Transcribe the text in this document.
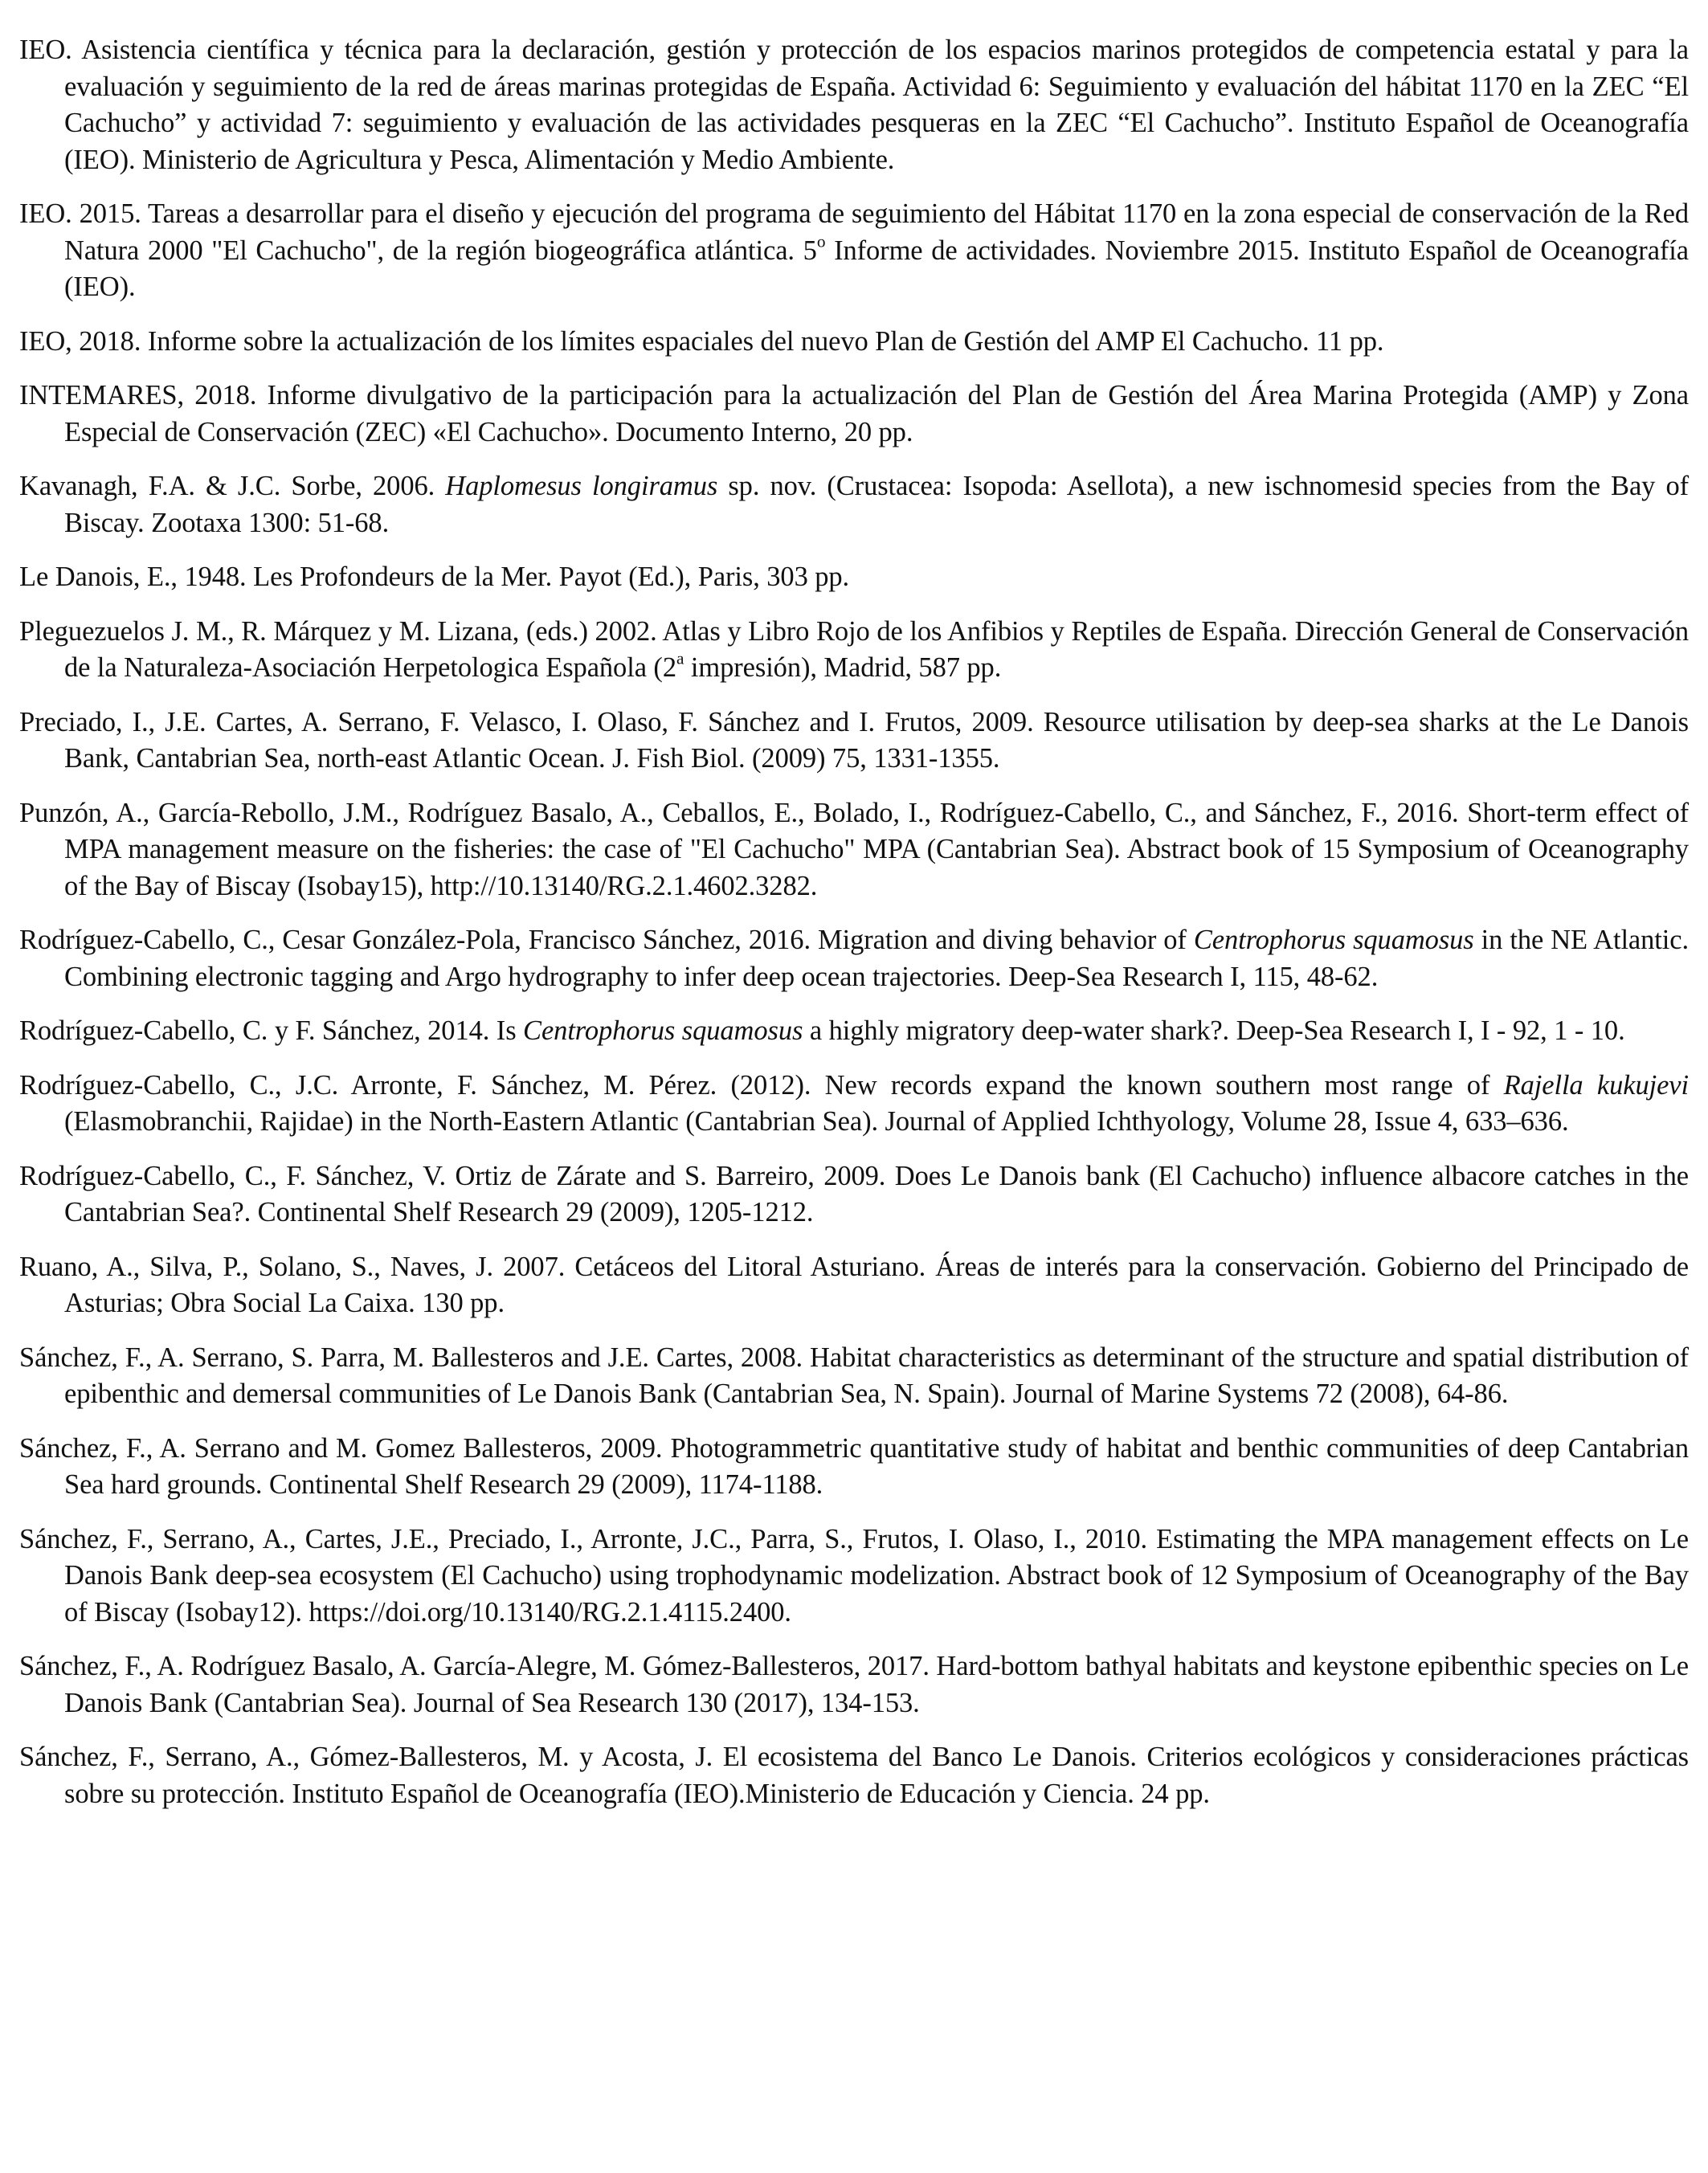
IEO. Asistencia científica y técnica para la declaración, gestión y protección de los espacios marinos protegidos de competencia estatal y para la evaluación y seguimiento de la red de áreas marinas protegidas de España. Actividad 6: Seguimiento y evaluación del hábitat 1170 en la ZEC “El Cachucho” y actividad 7: seguimiento y evaluación de las actividades pesqueras en la ZEC “El Cachucho”. Instituto Español de Oceanografía (IEO). Ministerio de Agricultura y Pesca, Alimentación y Medio Ambiente.

IEO. 2015. Tareas a desarrollar para el diseño y ejecución del programa de seguimiento del Hábitat 1170 en la zona especial de conservación de la Red Natura 2000 "El Cachucho", de la región biogeográfica atlántica. 5$^o$ Informe de actividades. Noviembre 2015. Instituto Español de Oceanografía (IEO).

IEO, 2018. Informe sobre la actualización de los límites espaciales del nuevo Plan de Gestión del AMP El Cachucho. 11 pp.

INTEMARES, 2018. Informe divulgativo de la participación para la actualización del Plan de Gestión del Área Marina Protegida (AMP) y Zona Especial de Conservación (ZEC) «El Cachucho». Documento Interno, 20 pp.

Kavanagh, F.A. & J.C. Sorbe, 2006. Haplomesus longiramus sp. nov. (Crustacea: Isopoda: Asellota), a new ischnomesid species from the Bay of Biscay. Zootaxa 1300: 51-68.

Le Danois, E., 1948. Les Profondeurs de la Mer. Payot (Ed.), Paris, 303 pp.

Pleguezuelos J. M., R. Márquez y M. Lizana, (eds.) 2002. Atlas y Libro Rojo de los Anfibios y Reptiles de España. Dirección General de Conservación de la Naturaleza-Asociación Herpetologica Española (2$^a$ impresión), Madrid, 587 pp.

Preciado, I., J.E. Cartes, A. Serrano, F. Velasco, I. Olaso, F. Sánchez and I. Frutos, 2009. Resource utilisation by deep-sea sharks at the Le Danois Bank, Cantabrian Sea, north-east Atlantic Ocean. J. Fish Biol. (2009) 75, 1331-1355.

Punzón, A., García-Rebollo, J.M., Rodríguez Basalo, A., Ceballos, E., Bolado, I., Rodríguez-Cabello, C., and Sánchez, F., 2016. Short-term effect of MPA management measure on the fisheries: the case of "El Cachucho" MPA (Cantabrian Sea). Abstract book of 15 Symposium of Oceanography of the Bay of Biscay (Isobay15), http://10.13140/RG.2.1.4602.3282.

Rodríguez-Cabello, C., Cesar González-Pola, Francisco Sánchez, 2016. Migration and diving behavior of Centrophorus squamosus in the NE Atlantic. Combining electronic tagging and Argo hydrography to infer deep ocean trajectories. Deep-Sea Research I, 115, 48-62.

Rodríguez-Cabello, C. y F. Sánchez, 2014. Is Centrophorus squamosus a highly migratory deep-water shark?. Deep-Sea Research I, I - 92, 1 - 10.

Rodríguez-Cabello, C., J.C. Arronte, F. Sánchez, M. Pérez. (2012). New records expand the known southern most range of Rajella kukujevi (Elasmobranchii, Rajidae) in the North-Eastern Atlantic (Cantabrian Sea). Journal of Applied Ichthyology, Volume 28, Issue 4, 633–636.

Rodríguez-Cabello, C., F. Sánchez, V. Ortiz de Zárate and S. Barreiro, 2009. Does Le Danois bank (El Cachucho) influence albacore catches in the Cantabrian Sea?. Continental Shelf Research 29 (2009), 1205-1212.

Ruano, A., Silva, P., Solano, S., Naves, J. 2007. Cetáceos del Litoral Asturiano. Áreas de interés para la conservación. Gobierno del Principado de Asturias; Obra Social La Caixa. 130 pp.

Sánchez, F., A. Serrano, S. Parra, M. Ballesteros and J.E. Cartes, 2008. Habitat characteristics as determinant of the structure and spatial distribution of epibenthic and demersal communities of Le Danois Bank (Cantabrian Sea, N. Spain). Journal of Marine Systems 72 (2008), 64-86.

Sánchez, F., A. Serrano and M. Gomez Ballesteros, 2009. Photogrammetric quantitative study of habitat and benthic communities of deep Cantabrian Sea hard grounds. Continental Shelf Research 29 (2009), 1174-1188.

Sánchez, F., Serrano, A., Cartes, J.E., Preciado, I., Arronte, J.C., Parra, S., Frutos, I. Olaso, I., 2010. Estimating the MPA management effects on Le Danois Bank deep-sea ecosystem (El Cachucho) using trophodynamic modelization. Abstract book of 12 Symposium of Oceanography of the Bay of Biscay (Isobay12). https://doi.org/10.13140/RG.2.1.4115.2400.

Sánchez, F., A. Rodríguez Basalo, A. García-Alegre, M. Gómez-Ballesteros, 2017. Hard-bottom bathyal habitats and keystone epibenthic species on Le Danois Bank (Cantabrian Sea). Journal of Sea Research 130 (2017), 134-153.

Sánchez, F., Serrano, A., Gómez-Ballesteros, M. y Acosta, J. El ecosistema del Banco Le Danois. Criterios ecológicos y consideraciones prácticas sobre su protección. Instituto Español de Oceanografía (IEO).Ministerio de Educación y Ciencia. 24 pp.
